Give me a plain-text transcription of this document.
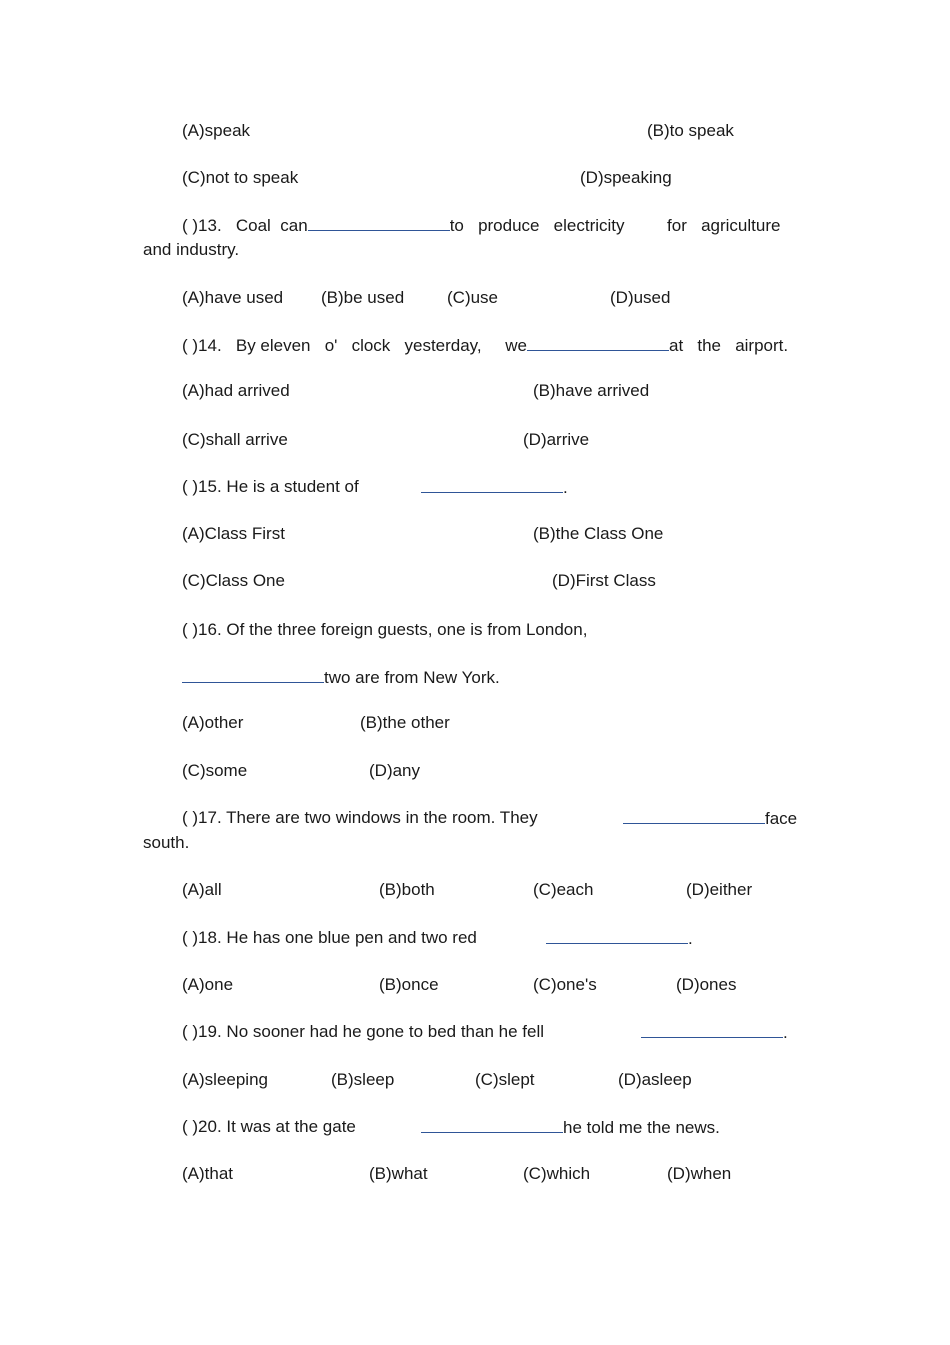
(A)speak	(B)to speak
(C)not to speak	(D)speaking
( )13. Coal can	to produce electricity	for agriculture
and industry.
(A)have used (B)be used	(C)use	(D)used
( )14. By eleven o' clock yesterday, we	at the airport.
(A)had arrived	(B)have arrived
(C)shall arrive	(D)arrive
( )15. He is a student of	.
(A)Class First	(B)the Class One
(C)Class One	(D)First Class
( )16. Of the three foreign guests, one is from London,
two are from New York.
(A)other	(B)the other
(C)some	(D)any
( )17. There are two windows in the room. They	face
south.
(A)all	(B)both	(C)each	(D)either
( )18. He has one blue pen and two red	.
(A)one	(B)once	(C)one's	(D)ones
( )19. No sooner had he gone to bed than he fell	.
(A)sleeping	(B)sleep	(C)slept	(D)asleep
( )20. It was at the gate	he told me the news.
(A)that	(B)what	(C)which	(D)when
